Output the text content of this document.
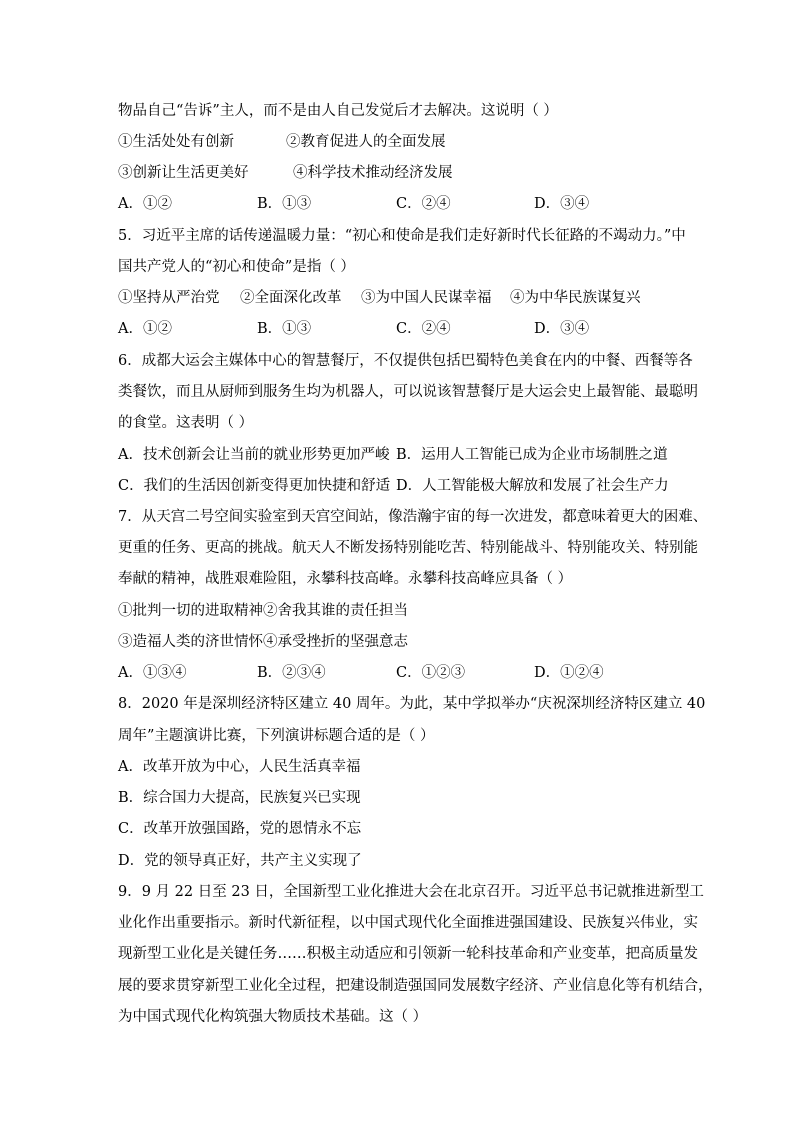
物品自己“告诉”主人，而不是由人自己发觉后才去解决。这说明（ ）
①生活处处有创新	②教育促进人的全面发展
③创新让生活更美好	④科学技术推动经济发展
A．①②	B．①③	C．②④	D．③④
5．习近平主席的话传递温暖力量：“初心和使命是我们走好新时代长征路的不竭动力。”中
国共产党人的“初心和使命”是指（ ）
①坚持从严治党 ②全面深化改革 ③为中国人民谋幸福 ④为中华民族谋复兴
A．①②	B．①③	C．②④	D．③④
6．成都大运会主媒体中心的智慧餐厅，不仅提供包括巴蜀特色美食在内的中餐、西餐等各
类餐饮，而且从厨师到服务生均为机器人，可以说该智慧餐厅是大运会史上最智能、最聪明
的食堂。这表明（ ）
A．技术创新会让当前的就业形势更加严峻 B．运用人工智能已成为企业市场制胜之道
C．我们的生活因创新变得更加快捷和舒适 D．人工智能极大解放和发展了社会生产力
7．从天宫二号空间实验室到天宫空间站，像浩瀚宇宙的每一次进发，都意味着更大的困难、
更重的任务、更高的挑战。航天人不断发扬特别能吃苦、特别能战斗、特别能攻关、特别能
奉献的精神，战胜艰难险阻，永攀科技高峰。永攀科技高峰应具备（ ）
①批判一切的进取精神②舍我其谁的责任担当
③造福人类的济世情怀④承受挫折的坚强意志
A．①③④	B．②③④	C．①②③	D．①②④
8．2020 年是深圳经济特区建立 40 周年。为此，某中学拟举办“庆祝深圳经济特区建立 40
周年”主题演讲比赛，下列演讲标题合适的是（ ）
A．改革开放为中心，人民生活真幸福
B．综合国力大提高，民族复兴已实现
C．改革开放强国路，党的恩情永不忘
D．党的领导真正好，共产主义实现了
9．9 月 22 日至 23 日，全国新型工业化推进大会在北京召开。习近平总书记就推进新型工
业化作出重要指示。新时代新征程，以中国式现代化全面推进强国建设、民族复兴伟业，实
现新型工业化是关键任务……积极主动适应和引领新一轮科技革命和产业变革，把高质量发
展的要求贯穿新型工业化全过程，把建设制造强国同发展数字经济、产业信息化等有机结合，
为中国式现代化构筑强大物质技术基础。这（ ）
